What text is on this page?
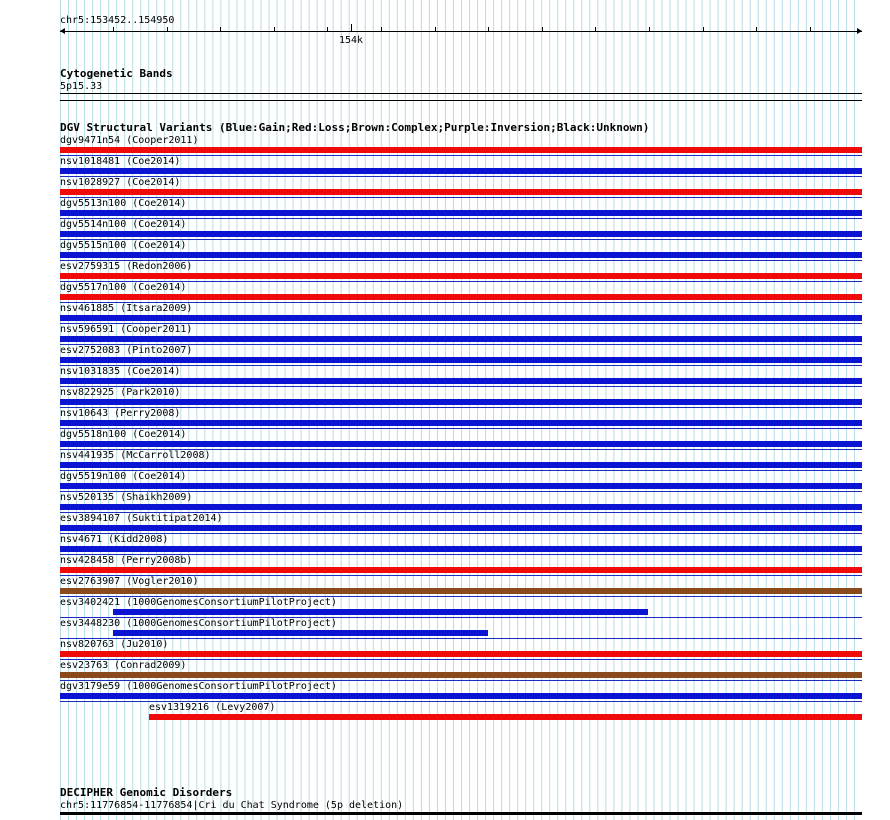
chr5:153452..154950
154k
Cytogenetic Bands
5p15.33
DGV Structural Variants (Blue:Gain;Red:Loss;Brown:Complex;Purple:Inversion;Black:Unknown)
dgv9471n54 (Cooper2011)
nsv1018481 (Coe2014)
nsv1028927 (Coe2014)
dgv5513n100 (Coe2014)
dgv5514n100 (Coe2014)
dgv5515n100 (Coe2014)
esv2759315 (Redon2006)
dgv5517n100 (Coe2014)
nsv461885 (Itsara2009)
nsv596591 (Cooper2011)
esv2752083 (Pinto2007)
nsv1031835 (Coe2014)
nsv822925 (Park2010)
nsv10643 (Perry2008)
dgv5518n100 (Coe2014)
nsv441935 (McCarroll2008)
dgv5519n100 (Coe2014)
nsv520135 (Shaikh2009)
esv3894107 (Suktitipat2014)
nsv4671 (Kidd2008)
nsv428458 (Perry2008b)
esv2763907 (Vogler2010)
esv3402421 (1000GenomesConsortiumPilotProject)
esv3448230 (1000GenomesConsortiumPilotProject)
nsv820763 (Ju2010)
esv23763 (Conrad2009)
dgv3179e59 (1000GenomesConsortiumPilotProject)
esv1319216 (Levy2007)
DECIPHER Genomic Disorders
chr5:11776854-11776854|Cri du Chat Syndrome (5p deletion)
